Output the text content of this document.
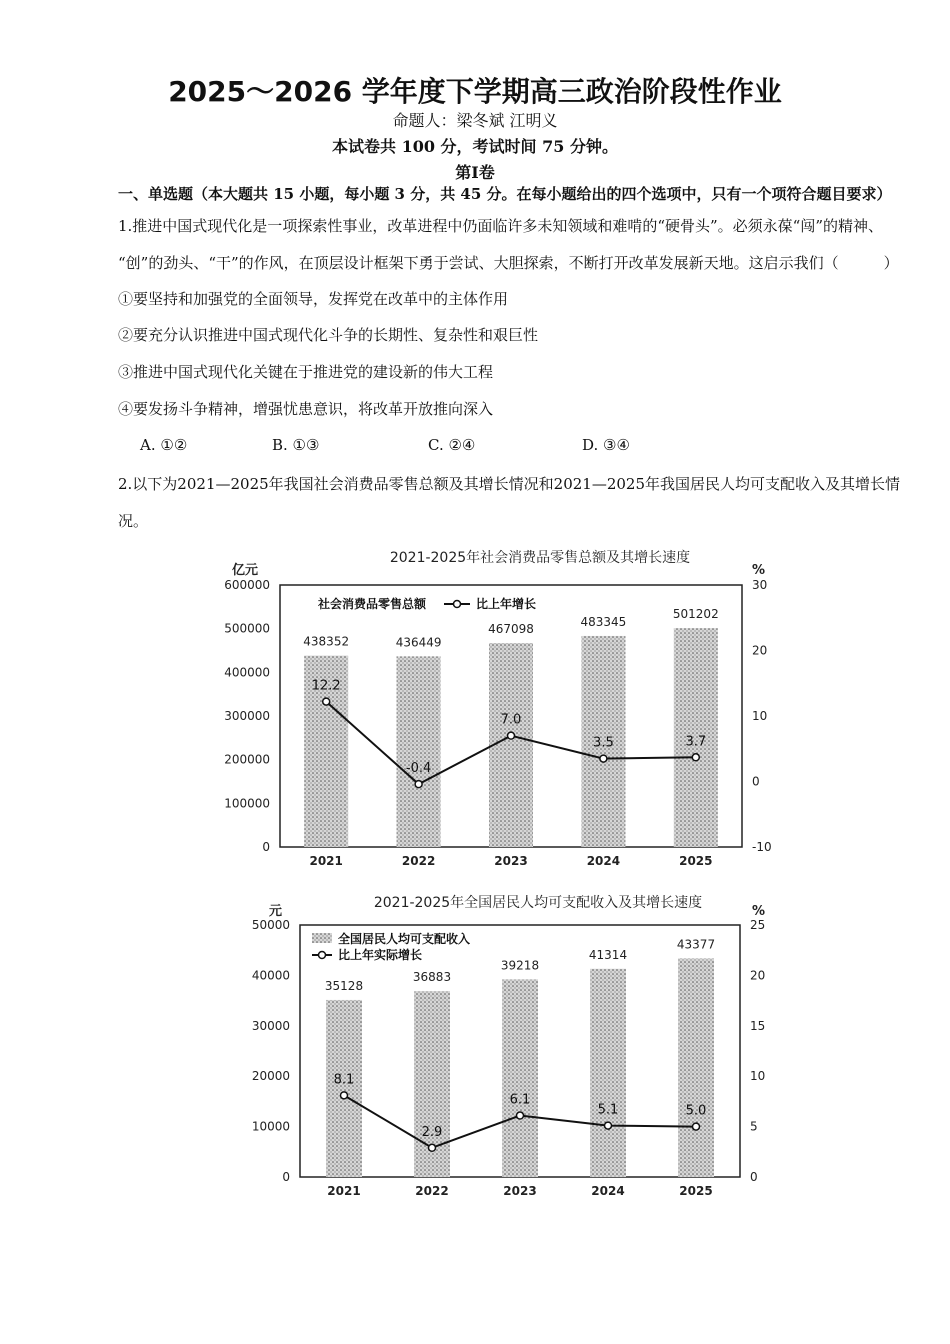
2025～2026 学年度下学期高三政治阶段性作业
命题人：梁冬斌 江明义
本试卷共 100 分，考试时间 75 分钟。
第Ⅰ卷
一、单选题（本大题共 15 小题，每小题 3 分，共 45 分。在每小题给出的四个选项中，只有一个项符合题目要求）
1.推进中国式现代化是一项探索性事业，改革进程中仍面临许多未知领域和难啃的“硬骨头”。必须永葆“闯”的精神、
“创”的劲头、“干”的作风，在顶层设计框架下勇于尝试、大胆探索，不断打开改革发展新天地。这启示我们（　　　）
①要坚持和加强党的全面领导，发挥党在改革中的主体作用
②要充分认识推进中国式现代化斗争的长期性、复杂性和艰巨性
③推进中国式现代化关键在于推进党的建设新的伟大工程
④要发扬斗争精神，增强忧患意识，将改革开放推向深入
A. ①②	B. ①③	C. ②④	D. ③④
2.以下为2021—2025年我国社会消费品零售总额及其增长情况和2021—2025年我国居民人均可支配收入及其增长情
况。
2021-2025年社会消费品零售总额及其增长速度
亿元	%
0
100000
200000
300000
400000
500000
600000
-10
0
10
20
30
438352
2021
436449
2022
467098
2023
483345
2024
501202
2025
12.2
-0.4
7.0
3.5	3.7
社会消费品零售总额	比上年增长
2021-2025年全国居民人均可支配收入及其增长速度
元	%
0
10000
20000
30000
40000
50000
0
5
10
15
20
25
35128
2021
36883
2022
39218
2023
41314
2024
43377
2025
8.1
2.9
6.1
5.1	5.0
全国居民人均可支配收入
比上年实际增长
